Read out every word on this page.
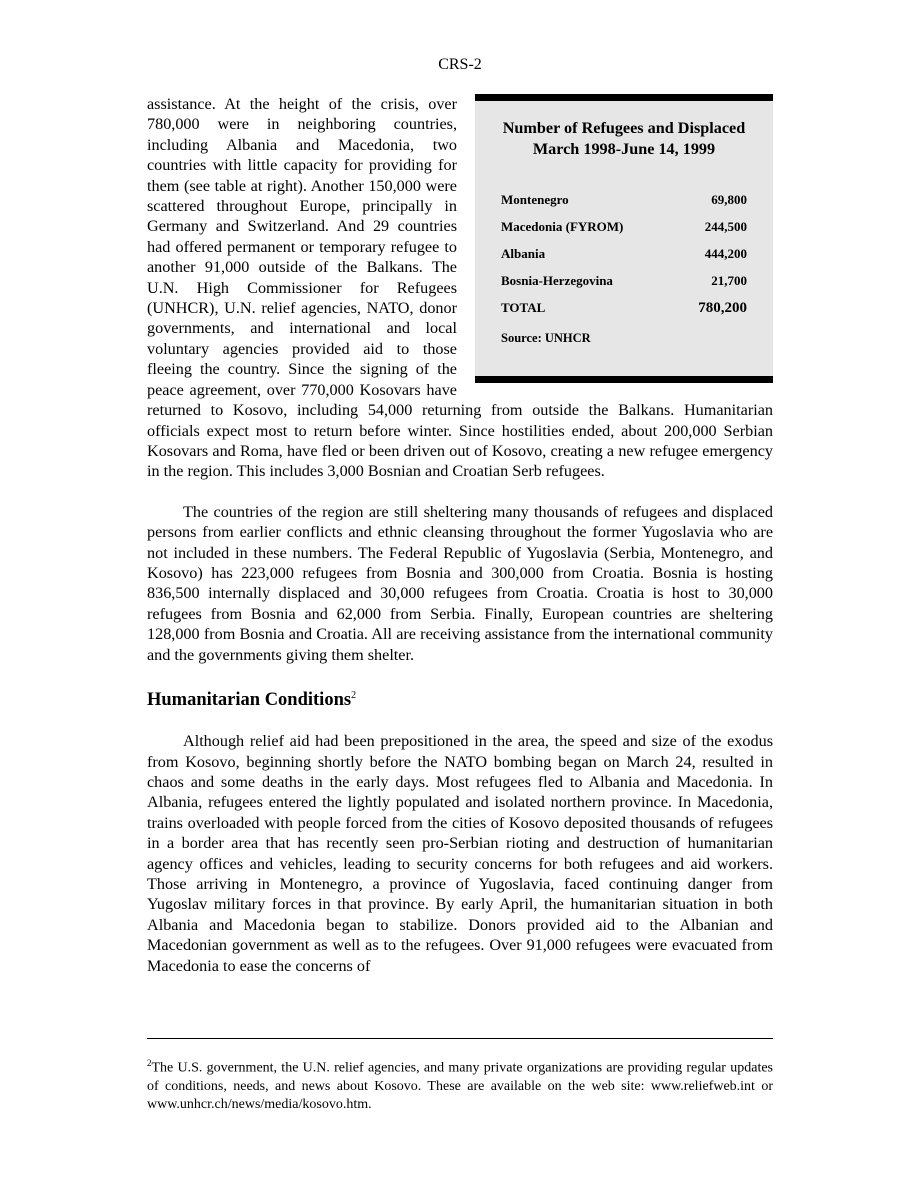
CRS-2
Number of Refugees and Displaced
March 1998-June 14, 1999
Montenegro	69,800
Macedonia (FYROM)	244,500
Albania	444,200
Bosnia-Herzegovina	21,700
TOTAL	780,200
Source: UNHCR

assistance. At the height of the crisis, over 780,000 were in neighboring countries, including Albania and Macedonia, two countries with little capacity for providing for them (see table at right). Another 150,000 were scattered throughout Europe, principally in Germany and Switzerland. And 29 countries had offered permanent or temporary refugee to another 91,000 outside of the Balkans. The U.N. High Commissioner for Refugees (UNHCR), U.N. relief agencies, NATO, donor governments, and international and local voluntary agencies provided aid to those fleeing the country. Since the signing of the peace agreement, over 770,000 Kosovars have returned to Kosovo, including 54,000 returning from outside the Balkans. Humanitarian officials expect most to return before winter. Since hostilities ended, about 200,000 Serbian Kosovars and Roma, have fled or been driven out of Kosovo, creating a new refugee emergency in the region. This includes 3,000 Bosnian and Croatian Serb refugees.

The countries of the region are still sheltering many thousands of refugees and displaced persons from earlier conflicts and ethnic cleansing throughout the former Yugoslavia who are not included in these numbers. The Federal Republic of Yugoslavia (Serbia, Montenegro, and Kosovo) has 223,000 refugees from Bosnia and 300,000 from Croatia. Bosnia is hosting 836,500 internally displaced and 30,000 refugees from Croatia. Croatia is host to 30,000 refugees from Bosnia and 62,000 from Serbia. Finally, European countries are sheltering 128,000 from Bosnia and Croatia. All are receiving assistance from the international community and the governments giving them shelter.

Humanitarian Conditions$^2$

Although relief aid had been prepositioned in the area, the speed and size of the exodus from Kosovo, beginning shortly before the NATO bombing began on March 24, resulted in chaos and some deaths in the early days. Most refugees fled to Albania and Macedonia. In Albania, refugees entered the lightly populated and isolated northern province. In Macedonia, trains overloaded with people forced from the cities of Kosovo deposited thousands of refugees in a border area that has recently seen pro-Serbian rioting and destruction of humanitarian agency offices and vehicles, leading to security concerns for both refugees and aid workers. Those arriving in Montenegro, a province of Yugoslavia, faced continuing danger from Yugoslav military forces in that province. By early April, the humanitarian situation in both Albania and Macedonia began to stabilize. Donors provided aid to the Albanian and Macedonian government as well as to the refugees. Over 91,000 refugees were evacuated from Macedonia to ease the concerns of

$^2$The U.S. government, the U.N. relief agencies, and many private organizations are providing regular updates of conditions, needs, and news about Kosovo. These are available on the web site: www.reliefweb.int or www.unhcr.ch/news/media/kosovo.htm.
